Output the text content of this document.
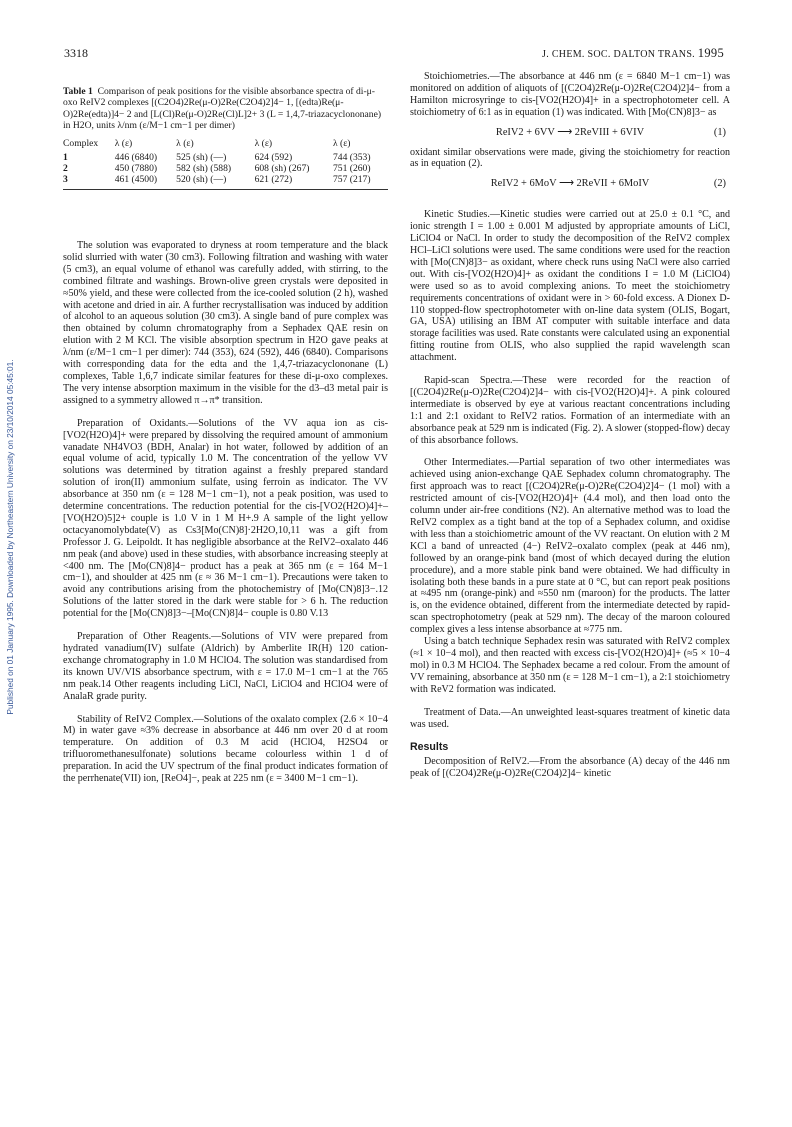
Published on 01 January 1995. Downloaded by Northeastern University on 23/10/2014 05:45:01.
3318	J. CHEM. SOC. DALTON TRANS. 1995
Table 1 Comparison of peak positions for the visible absorbance spectra of di-μ-oxo ReIV2 complexes [(C2O4)2Re(μ-O)2Re(C2O4)2]4− 1, [(edta)Re(μ-O)2Re(edta)]4− 2 and [L(Cl)Re(μ-O)2Re(Cl)L]2+ 3 (L = 1,4,7-triazacyclononane) in H2O, units λ/nm (ε/M−1 cm−1 per dimer)
Complex	λ (ε)	λ (ε)	λ (ε)	λ (ε)
1	446 (6840)	525 (sh) (—)	624 (592)	744 (353)
2	450 (7880)	582 (sh) (588)	608 (sh) (267)	751 (260)
3	461 (4500)	520 (sh) (—)	621 (272)	757 (217)

The solution was evaporated to dryness at room temperature and the black solid slurried with water (30 cm3). Following filtration and washing with water (5 cm3), an equal volume of ethanol was carefully added, with stirring, to the combined filtrate and washings. Brown-olive green crystals were deposited in ≈50% yield, and these were collected from the ice-cooled solution (2 h), washed with acetone and dried in air. A further recrystallisation was induced by addition of alcohol to an aqueous solution (30 cm3). A single band of pure complex was then obtained by column chromatography from a Sephadex QAE resin on elution with 2 M KCl. The visible absorption spectrum in H2O gave peaks at λ/nm (ε/M−1 cm−1 per dimer): 744 (353), 624 (592), 446 (6840). Comparisons with corresponding data for the edta and the 1,4,7-triazacyclononane (L) complexes, Table 1,6,7 indicate similar features for these di-μ-oxo complexes. The very intense absorption maximum in the visible for the d3–d3 metal pair is assigned to a symmetry allowed π→π* transition.

Preparation of Oxidants.—Solutions of the VV aqua ion as cis-[VO2(H2O)4]+ were prepared by dissolving the required amount of ammonium vanadate NH4VO3 (BDH, Analar) in hot water, followed by addition of an equal volume of acid, typically 1.0 M. The concentration of the yellow VV solutions was determined by titration against a freshly prepared standard solution of iron(II) ammonium sulfate, using ferroin as indicator. The VV absorbance at 350 nm (ε = 128 M−1 cm−1), not a peak position, was used to determine concentrations. The reduction potential for the cis-[VO2(H2O)4]+–[VO(H2O)5]2+ couple is 1.0 V in 1 M H+.9 A sample of the light yellow octacyanomolybdate(V) as Cs3[Mo(CN)8]·2H2O,10,11 was a gift from Professor J. G. Leipoldt. It has negligible absorbance at the ReIV2–oxalato 446 nm peak (and above) used in these studies, with absorbance increasing steeply at <400 nm. The [Mo(CN)8]4− product has a peak at 365 nm (ε = 164 M−1 cm−1), and shoulder at 425 nm (ε ≈ 36 M−1 cm−1). Precautions were taken to avoid any contributions arising from the photochemistry of [Mo(CN)8]3−.12 Solutions of the latter stored in the dark were stable for > 6 h. The reduction potential for the [Mo(CN)8]3−–[Mo(CN)8]4− couple is 0.80 V.13

Preparation of Other Reagents.—Solutions of VIV were prepared from hydrated vanadium(IV) sulfate (Aldrich) by Amberlite IR(H) 120 cation-exchange chromatography in 1.0 M HClO4. The solution was standardised from its known UV/VIS absorbance spectrum, with ε = 17.0 M−1 cm−1 at the 765 nm peak.14 Other reagents including LiCl, NaCl, LiClO4 and HClO4 were of AnalaR grade purity.

Stability of ReIV2 Complex.—Solutions of the oxalato complex (2.6 × 10−4 M) in water gave ≈3% decrease in absorbance at 446 nm over 20 d at room temperature. On addition of 0.3 M acid (HClO4, H2SO4 or trifluoromethanesulfonate) solutions became colourless within 1 d of preparation. In acid the UV spectrum of the final product indicates formation of the perrhenate(VII) ion, [ReO4]−, peak at 225 nm (ε = 3400 M−1 cm−1).

Stoichiometries.—The absorbance at 446 nm (ε = 6840 M−1 cm−1) was monitored on addition of aliquots of [(C2O4)2Re(μ-O)2Re(C2O4)2]4− from a Hamilton microsyringe to cis-[VO2(H2O)4]+ in a spectrophotometer cell. A stoichiometry of 6:1 as in equation (1) was indicated. With [Mo(CN)8]3− as

ReIV2 + 6VV ⟶ 2ReVIII + 6VIV	(1)

oxidant similar observations were made, giving the stoichiometry for reaction as in equation (2).

ReIV2 + 6MoV ⟶ 2ReVII + 6MoIV	(2)

Kinetic Studies.—Kinetic studies were carried out at 25.0 ± 0.1 °C, and ionic strength I = 1.00 ± 0.001 M adjusted by appropriate amounts of LiCl, LiClO4 or NaCl. In order to study the decomposition of the ReIV2 complex HCl–LiCl solutions were used. The same conditions were used for the reaction with [Mo(CN)8]3− as oxidant, where check runs using NaCl were also carried out. With cis-[VO2(H2O)4]+ as oxidant the conditions I = 1.0 M (LiClO4) were used so as to avoid complexing anions. To meet the stoichiometry requirements concentrations of oxidant were in > 60-fold excess. A Dionex D-110 stopped-flow spectrophotometer with on-line data system (OLIS, Bogart, GA, USA) utilising an IBM AT computer with suitable interface and data storage facilities was used. Rate constants were calculated using an exponential fitting routine from OLIS, who also supplied the rapid wavelength scan attachment.

Rapid-scan Spectra.—These were recorded for the reaction of [(C2O4)2Re(μ-O)2Re(C2O4)2]4− with cis-[VO2(H2O)4]+. A pink coloured intermediate is observed by eye at various reactant concentrations including 1:1 and 2:1 oxidant to ReIV2 ratios. Formation of an intermediate with an absorbance peak at 529 nm is indicated (Fig. 2). A slower (stopped-flow) decay of this absorbance follows.

Other Intermediates.—Partial separation of two other intermediates was achieved using anion-exchange QAE Sephadex column chromatography. The first approach was to react [(C2O4)2Re(μ-O)2Re(C2O4)2]4− (1 mol) with a restricted amount of cis-[VO2(H2O)4]+ (4.4 mol), and then load onto the column under air-free conditions (N2). An alternative method was to load the ReIV2 complex as a tight band at the top of a Sephadex column, and oxidise with less than a stoichiometric amount of the VV reactant. On elution with 2 M KCl a band of unreacted (4−) ReIV2–oxalato complex (peak at 446 nm), followed by an orange-pink band (most of which decayed during the elution procedure), and a more stable pink band were obtained. We had difficulty in isolating both these bands in a pure state at 0 °C, but can report peak positions at ≈495 nm (orange-pink) and ≈550 nm (maroon) for the products. The latter is, on the evidence obtained, different from the intermediate detected by rapid-scan spectrophotometry (peak at 529 nm). The decay of the maroon coloured complex gives a less intense absorbance at ≈775 nm.

Using a batch technique Sephadex resin was saturated with ReIV2 complex (≈1 × 10−4 mol), and then reacted with excess cis-[VO2(H2O)4]+ (≈5 × 10−4 mol) in 0.3 M HClO4. The Sephadex became a red colour. From the amount of VV remaining, absorbance at 350 nm (ε = 128 M−1 cm−1), a 2:1 stoichiometry with ReV2 formation was indicated.

Treatment of Data.—An unweighted least-squares treatment of kinetic data was used.

Results

Decomposition of ReIV2.—From the absorbance (A) decay of the 446 nm peak of [(C2O4)2Re(μ-O)2Re(C2O4)2]4− kinetic
